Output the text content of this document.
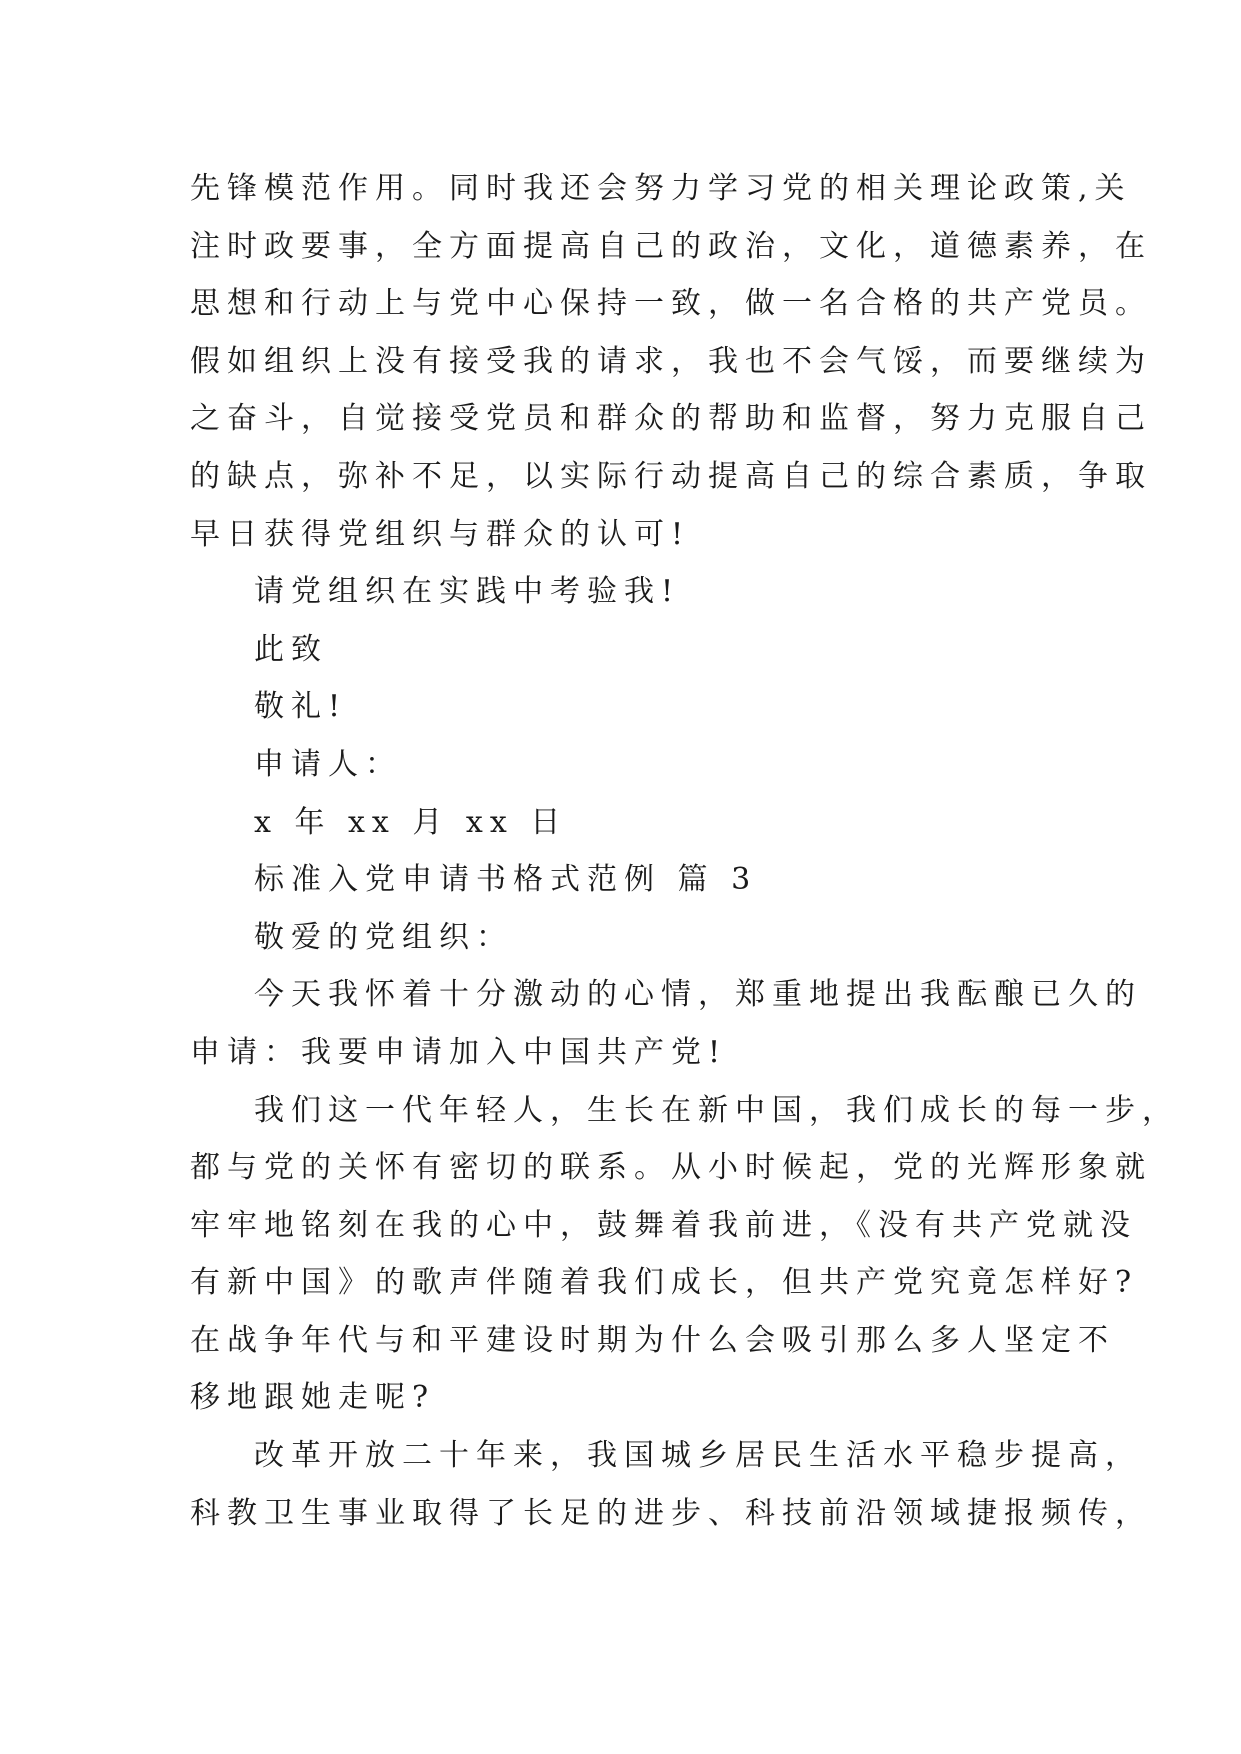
先锋模范作用。同时我还会努力学习党的相关理论政策,关
注时政要事，全方面提高自己的政治，文化，道德素养，在
思想和行动上与党中心保持一致，做一名合格的共产党员。
假如组织上没有接受我的请求，我也不会气馁，而要继续为
之奋斗，自觉接受党员和群众的帮助和监督，努力克服自己
的缺点，弥补不足，以实际行动提高自己的综合素质，争取
早日获得党组织与群众的认可!
请党组织在实践中考验我!
此致
敬礼!
申请人：
x 年 xx 月 xx 日
标准入党申请书格式范例 篇 3
敬爱的党组织：
今天我怀着十分激动的心情，郑重地提出我酝酿已久的
申请：我要申请加入中国共产党!
我们这一代年轻人，生长在新中国，我们成长的每一步，
都与党的关怀有密切的联系。从小时候起，党的光辉形象就
牢牢地铭刻在我的心中，鼓舞着我前进，《没有共产党就没
有新中国》的歌声伴随着我们成长，但共产党究竟怎样好?
在战争年代与和平建设时期为什么会吸引那么多人坚定不
移地跟她走呢?
改革开放二十年来，我国城乡居民生活水平稳步提高，
科教卫生事业取得了长足的进步、科技前沿领域捷报频传，
